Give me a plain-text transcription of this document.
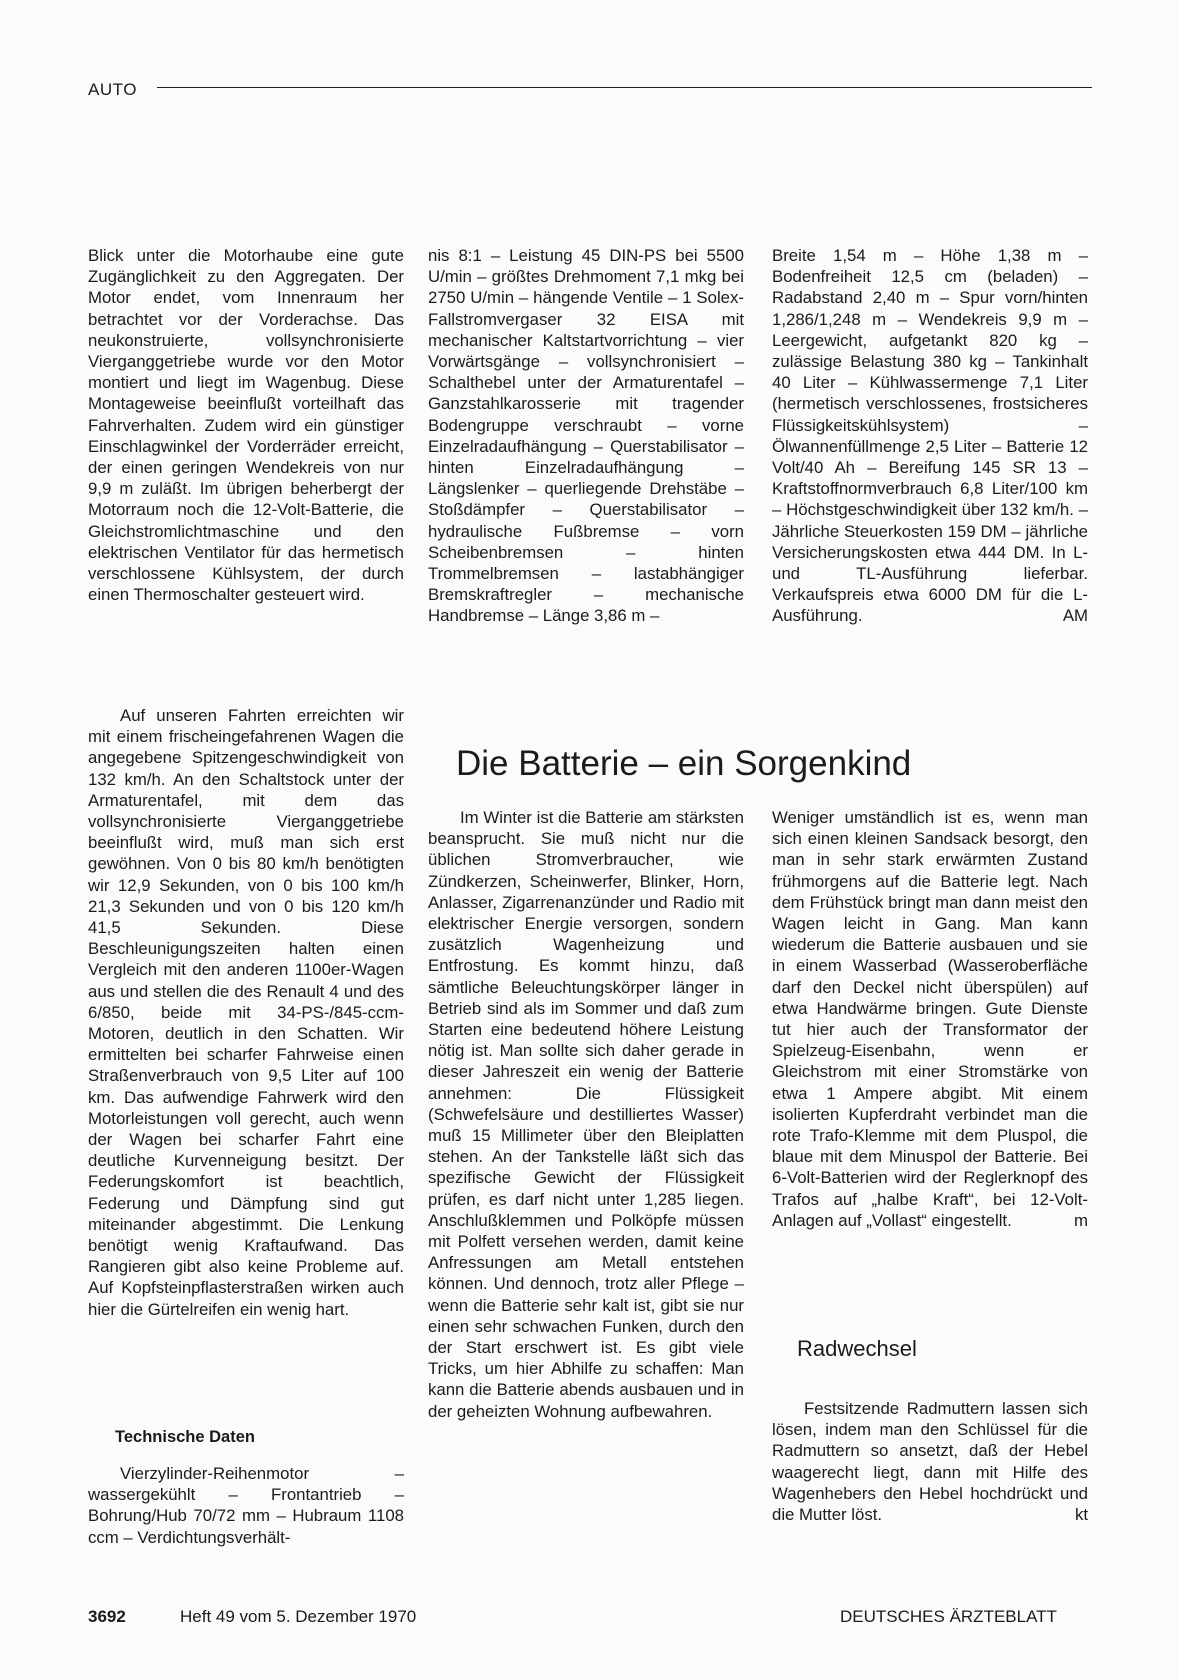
AUTO

Blick unter die Motorhaube eine gute Zugänglichkeit zu den Aggregaten. Der Motor endet, vom Innenraum her betrachtet vor der Vorderachse. Das neukonstruierte, vollsynchronisierte Vierganggetriebe wurde vor den Motor montiert und liegt im Wagenbug. Diese Montageweise beeinflußt vorteilhaft das Fahrverhalten. Zudem wird ein günstiger Einschlagwinkel der Vorderräder erreicht, der einen geringen Wendekreis von nur 9,9 m zuläßt. Im übrigen beherbergt der Motorraum noch die 12-Volt-Batterie, die Gleichstromlichtmaschine und den elektrischen Ventilator für das hermetisch verschlossene Kühlsystem, der durch einen Thermoschalter gesteuert wird.

Auf unseren Fahrten erreichten wir mit einem frischeingefahrenen Wagen die angegebene Spitzengeschwindigkeit von 132 km/h. An den Schaltstock unter der Armaturentafel, mit dem das vollsynchronisierte Vierganggetriebe beeinflußt wird, muß man sich erst gewöhnen. Von 0 bis 80 km/h benötigten wir 12,9 Sekunden, von 0 bis 100 km/h 21,3 Sekunden und von 0 bis 120 km/h 41,5 Sekunden. Diese Beschleunigungszeiten halten einen Vergleich mit den anderen 1100er-Wagen aus und stellen die des Renault 4 und des 6/850, beide mit 34-PS-/845-ccm-Motoren, deutlich in den Schatten. Wir ermittelten bei scharfer Fahrweise einen Straßenverbrauch von 9,5 Liter auf 100 km. Das aufwendige Fahrwerk wird den Motorleistungen voll gerecht, auch wenn der Wagen bei scharfer Fahrt eine deutliche Kurvenneigung besitzt. Der Federungskomfort ist beachtlich, Federung und Dämpfung sind gut miteinander abgestimmt. Die Lenkung benötigt wenig Kraftaufwand. Das Rangieren gibt also keine Probleme auf. Auf Kopfsteinpflasterstraßen wirken auch hier die Gürtelreifen ein wenig hart.

Technische Daten

Vierzylinder-Reihenmotor – wassergekühlt – Frontantrieb – Bohrung/Hub 70/72 mm – Hubraum 1108 ccm – Verdichtungsverhält-

nis 8:1 – Leistung 45 DIN-PS bei 5500 U/min – größtes Drehmoment 7,1 mkg bei 2750 U/min – hängende Ventile – 1 Solex-Fallstromvergaser 32 EISA mit mechanischer Kaltstartvorrichtung – vier Vorwärtsgänge – vollsynchronisiert – Schalthebel unter der Armaturentafel – Ganzstahlkarosserie mit tragender Bodengruppe verschraubt – vorne Einzelradaufhängung – Querstabilisator – hinten Einzelradaufhängung – Längslenker – querliegende Drehstäbe – Stoßdämpfer – Querstabilisator – hydraulische Fußbremse – vorn Scheibenbremsen – hinten Trommelbremsen – lastabhängiger Bremskraftregler – mechanische Handbremse – Länge 3,86 m –

Die Batterie – ein Sorgenkind

Im Winter ist die Batterie am stärksten beansprucht. Sie muß nicht nur die üblichen Stromverbraucher, wie Zündkerzen, Scheinwerfer, Blinker, Horn, Anlasser, Zigarrenanzünder und Radio mit elektrischer Energie versorgen, sondern zusätzlich Wagenheizung und Entfrostung. Es kommt hinzu, daß sämtliche Beleuchtungskörper länger in Betrieb sind als im Sommer und daß zum Starten eine bedeutend höhere Leistung nötig ist. Man sollte sich daher gerade in dieser Jahreszeit ein wenig der Batterie annehmen: Die Flüssigkeit (Schwefelsäure und destilliertes Wasser) muß 15 Millimeter über den Bleiplatten stehen. An der Tankstelle läßt sich das spezifische Gewicht der Flüssigkeit prüfen, es darf nicht unter 1,285 liegen. Anschlußklemmen und Polköpfe müssen mit Polfett versehen werden, damit keine Anfressungen am Metall entstehen können. Und dennoch, trotz aller Pflege – wenn die Batterie sehr kalt ist, gibt sie nur einen sehr schwachen Funken, durch den der Start erschwert ist. Es gibt viele Tricks, um hier Abhilfe zu schaffen: Man kann die Batterie abends ausbauen und in der geheizten Wohnung aufbewahren.

Breite 1,54 m – Höhe 1,38 m – Bodenfreiheit 12,5 cm (beladen) – Radabstand 2,40 m – Spur vorn/hinten 1,286/1,248 m – Wendekreis 9,9 m – Leergewicht, aufgetankt 820 kg – zulässige Belastung 380 kg – Tankinhalt 40 Liter – Kühlwassermenge 7,1 Liter (hermetisch verschlossenes, frostsicheres Flüssigkeitskühlsystem) – Ölwannenfüllmenge 2,5 Liter – Batterie 12 Volt/40 Ah – Bereifung 145 SR 13 – Kraftstoffnormverbrauch 6,8 Liter/100 km – Höchstgeschwindigkeit über 132 km/h. – Jährliche Steuerkosten 159 DM – jährliche Versicherungskosten etwa 444 DM. In L- und TL-Ausführung lieferbar. Verkaufspreis etwa 6000 DM für die L-Ausführung.	AM

Weniger umständlich ist es, wenn man sich einen kleinen Sandsack besorgt, den man in sehr stark erwärmten Zustand frühmorgens auf die Batterie legt. Nach dem Frühstück bringt man dann meist den Wagen leicht in Gang. Man kann wiederum die Batterie ausbauen und sie in einem Wasserbad (Wasseroberfläche darf den Deckel nicht überspülen) auf etwa Handwärme bringen. Gute Dienste tut hier auch der Transformator der Spielzeug-Eisenbahn, wenn er Gleichstrom mit einer Stromstärke von etwa 1 Ampere abgibt. Mit einem isolierten Kupferdraht verbindet man die rote Trafo-Klemme mit dem Pluspol, die blaue mit dem Minuspol der Batterie. Bei 6-Volt-Batterien wird der Reglerknopf des Trafos auf „halbe Kraft“, bei 12-Volt-Anlagen auf „Vollast“ eingestellt.	m

Radwechsel

Festsitzende Radmuttern lassen sich lösen, indem man den Schlüssel für die Radmuttern so ansetzt, daß der Hebel waagerecht liegt, dann mit Hilfe des Wagenhebers den Hebel hochdrückt und die Mutter löst.	kt

3692	Heft 49 vom 5. Dezember 1970	DEUTSCHES ÄRZTEBLATT
